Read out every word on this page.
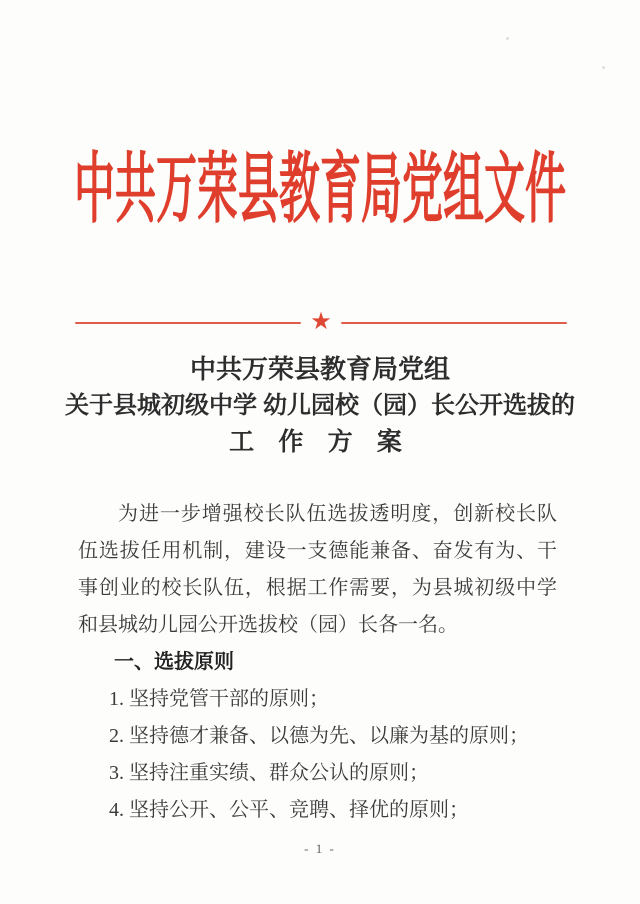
中共万荣县教育局党组文件
★
中共万荣县教育局党组
关于县城初级中学 幼儿园校（园）长公开选拔的
工 作 方 案

为进一步增强校长队伍选拔透明度，创新校长队伍选拔任用机制，建设一支德能兼备、奋发有为、干事创业的校长队伍，根据工作需要，为县城初级中学和县城幼儿园公开选拔校（园）长各一名。

一、选拔原则
1. 坚持党管干部的原则；
2. 坚持德才兼备、以德为先、以廉为基的原则；
3. 坚持注重实绩、群众公认的原则；
4. 坚持公开、公平、竞聘、择优的原则；
- 1 -
